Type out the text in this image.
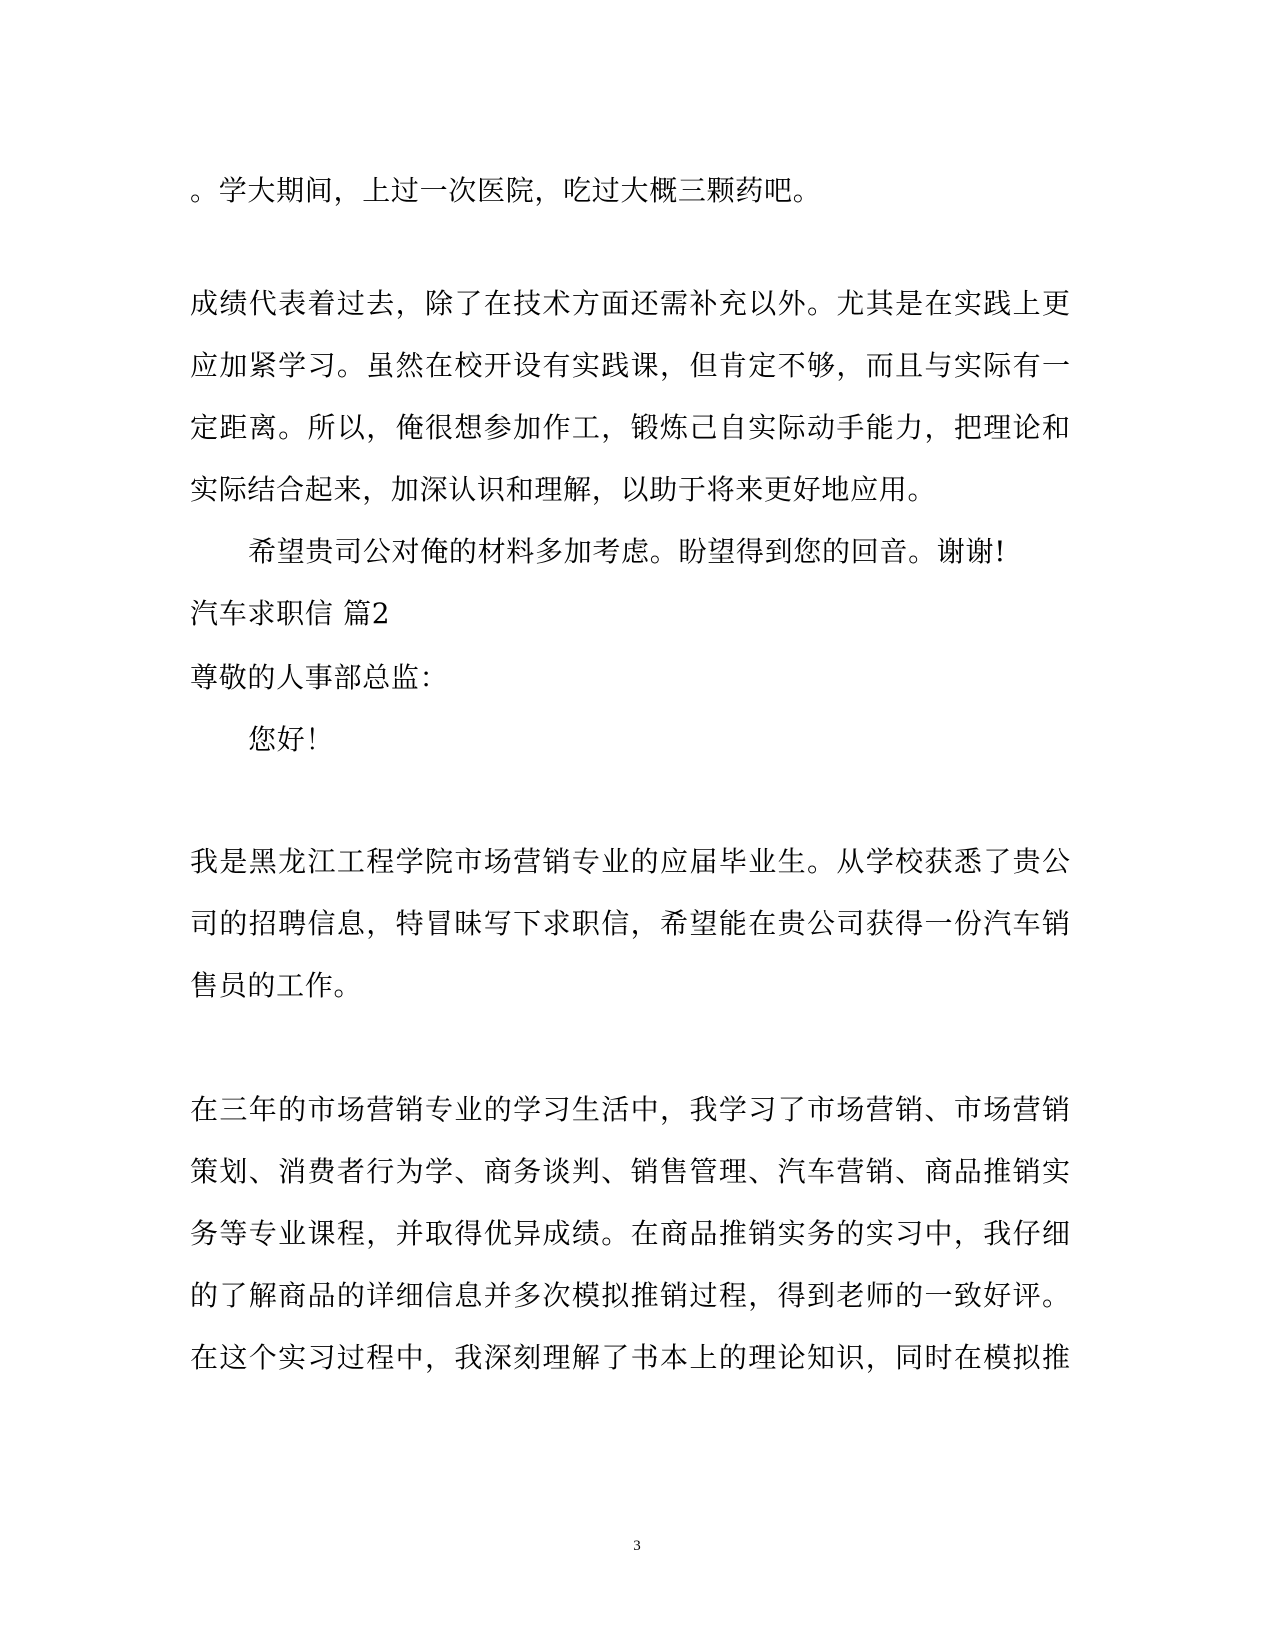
。学大期间，上过一次医院，吃过大概三颗药吧。
成绩代表着过去，除了在技术方面还需补充以外。尤其是在实践上更
应加紧学习。虽然在校开设有实践课，但肯定不够，而且与实际有一
定距离。所以，俺很想参加作工，锻炼己自实际动手能力，把理论和
实际结合起来，加深认识和理解，以助于将来更好地应用。
希望贵司公对俺的材料多加考虑。盼望得到您的回音。谢谢!
汽车求职信 篇2
尊敬的人事部总监：
您好！
我是黑龙江工程学院市场营销专业的应届毕业生。从学校获悉了贵公
司的招聘信息，特冒昧写下求职信，希望能在贵公司获得一份汽车销
售员的工作。
在三年的市场营销专业的学习生活中，我学习了市场营销、市场营销
策划、消费者行为学、商务谈判、销售管理、汽车营销、商品推销实
务等专业课程，并取得优异成绩。在商品推销实务的实习中，我仔细
的了解商品的详细信息并多次模拟推销过程，得到老师的一致好评。
在这个实习过程中，我深刻理解了书本上的理论知识，同时在模拟推
3
